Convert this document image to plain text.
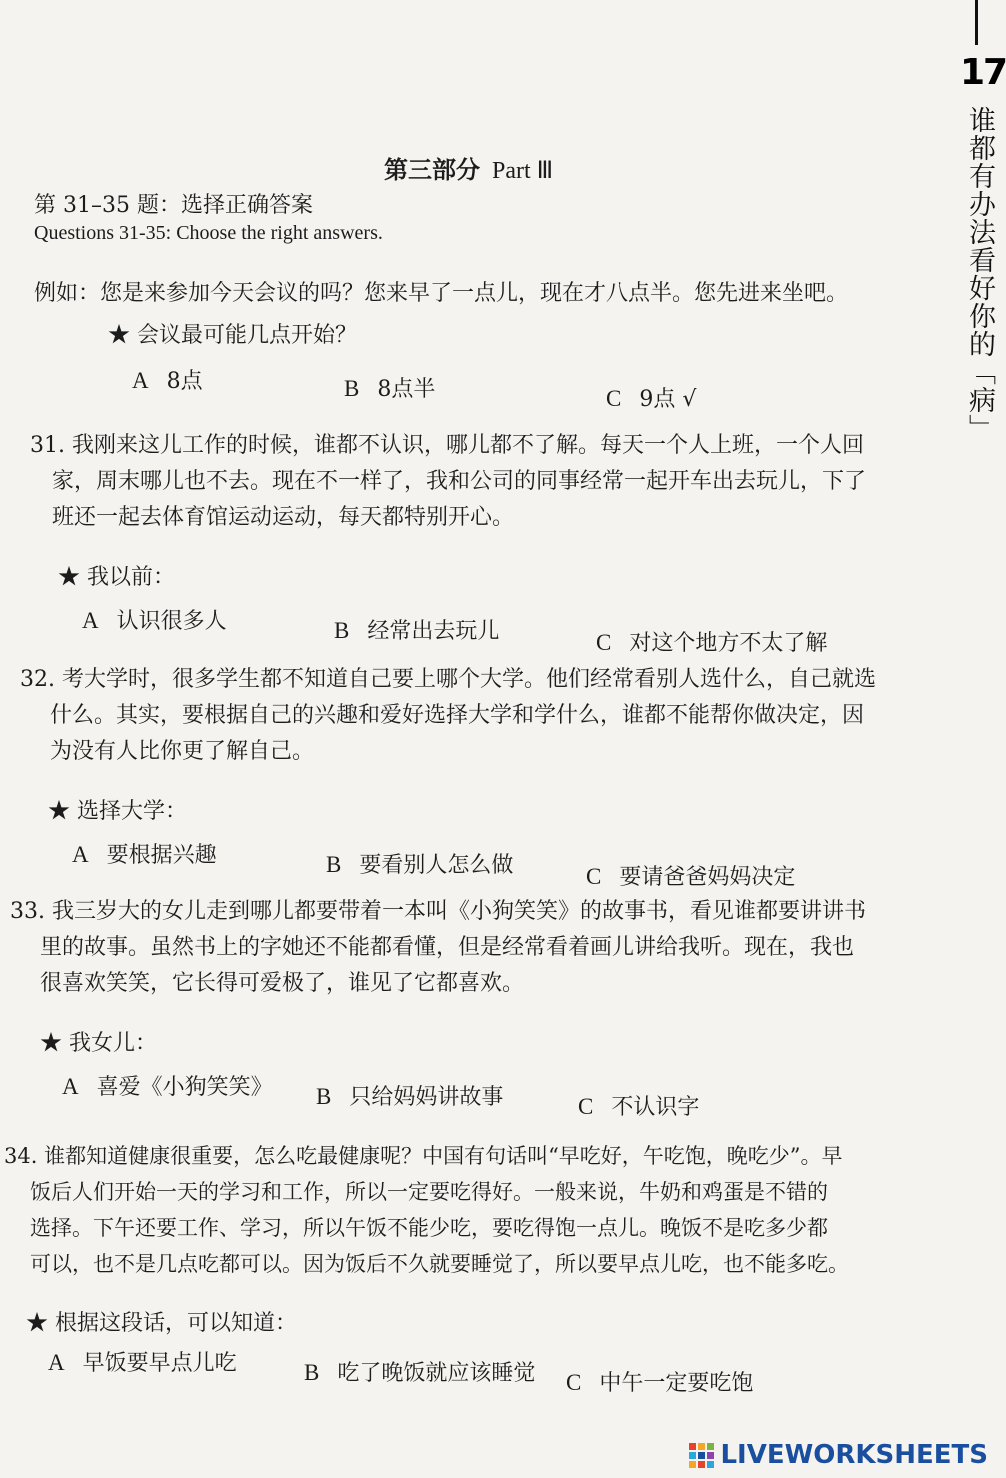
17
谁都有办法看好你的「病」
第三部分 Part Ⅲ
第 31–35 题：选择正确答案
Questions 31-35: Choose the right answers.
例如：您是来参加今天会议的吗？您来早了一点儿，现在才八点半。您先进来坐吧。
★ 会议最可能几点开始？
A 8点	B 8点半	C 9点 √
31. 我刚来这儿工作的时候，谁都不认识，哪儿都不了解。每天一个人上班，一个人回
家，周末哪儿也不去。现在不一样了，我和公司的同事经常一起开车出去玩儿，下了
班还一起去体育馆运动运动，每天都特别开心。
★ 我以前：
A 认识很多人	B 经常出去玩儿	C 对这个地方不太了解
32. 考大学时，很多学生都不知道自己要上哪个大学。他们经常看别人选什么，自己就选
什么。其实，要根据自己的兴趣和爱好选择大学和学什么，谁都不能帮你做决定，因
为没有人比你更了解自己。
★ 选择大学：
A 要根据兴趣	B 要看别人怎么做	C 要请爸爸妈妈决定
33. 我三岁大的女儿走到哪儿都要带着一本叫《小狗笑笑》的故事书，看见谁都要讲讲书
里的故事。虽然书上的字她还不能都看懂，但是经常看着画儿讲给我听。现在，我也
很喜欢笑笑，它长得可爱极了，谁见了它都喜欢。
★ 我女儿：
A 喜爱《小狗笑笑》 B 只给妈妈讲故事	C 不认识字
34. 谁都知道健康很重要，怎么吃最健康呢？中国有句话叫“早吃好，午吃饱，晚吃少”。早
饭后人们开始一天的学习和工作，所以一定要吃得好。一般来说，牛奶和鸡蛋是不错的
选择。下午还要工作、学习，所以午饭不能少吃，要吃得饱一点儿。晚饭不是吃多少都
可以，也不是几点吃都可以。因为饭后不久就要睡觉了，所以要早点儿吃，也不能多吃。
★ 根据这段话，可以知道：
A 早饭要早点儿吃	B 吃了晚饭就应该睡觉 C 中午一定要吃饱
LIVEWORKSHEETS
